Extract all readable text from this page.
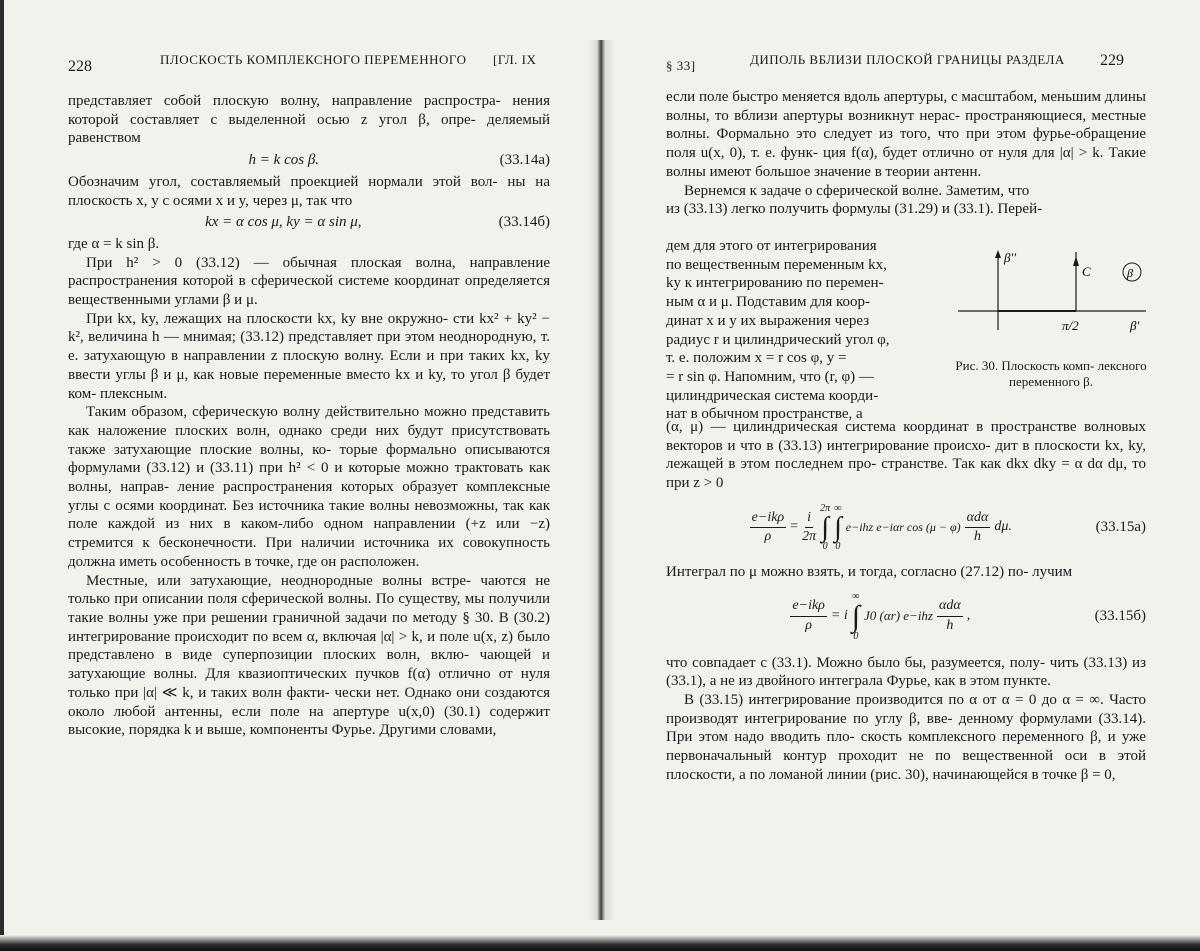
228	ПЛОСКОСТЬ КОМПЛЕКСНОГО ПЕРЕМЕННОГО [ГЛ. IX

представляет собой плоскую волну, направление распростра- нения которой составляет с выделенной осью z угол β, опре- деляемый равенством

h = k cos β.	(33.14а)

Обозначим угол, составляемый проекцией нормали этой вол- ны на плоскость x, y с осями x и y, через μ, так что

kx = α cos μ, ky = α sin μ,	(33.14б)

где α = k sin β.

При h² > 0 (33.12) — обычная плоская волна, направление распространения которой в сферической системе координат определяется вещественными углами β и μ.

При kx, ky, лежащих на плоскости kx, ky вне окружно- сти kx² + ky² − k², величина h — мнимая; (33.12) представляет при этом неоднородную, т. е. затухающую в направлении z плоскую волну. Если и при таких kx, ky ввести углы β и μ, как новые переменные вместо kx и ky, то угол β будет ком- плексным.

Таким образом, сферическую волну действительно можно представить как наложение плоских волн, однако среди них будут присутствовать также затухающие плоские волны, ко- торые формально описываются формулами (33.12) и (33.11) при h² < 0 и которые можно трактовать как волны, направ- ление распространения которых образует комплексные углы с осями координат. Без источника такие волны невозможны, так как поле каждой из них в каком-либо одном направлении (+z или −z) стремится к бесконечности. При наличии источника их совокупность должна иметь особенность в точке, где он расположен.

Местные, или затухающие, неоднородные волны встре- чаются не только при описании поля сферической волны. По существу, мы получили такие волны уже при решении граничной задачи по методу § 30. В (30.2) интегрирование происходит по всем α, включая |α| > k, и поле u(x, z) было представлено в виде суперпозиции плоских волн, вклю- чающей и затухающие волны. Для квазиоптических пучков f(α) отлично от нуля только при |α| ≪ k, и таких волн факти- чески нет. Однако они создаются около любой антенны, если поле на апертуре u(x,0) (30.1) содержит высокие, порядка k и выше, компоненты Фурье. Другими словами,

§ 33]	ДИПОЛЬ ВБЛИЗИ ПЛОСКОЙ ГРАНИЦЫ РАЗДЕЛА 229

если поле быстро меняется вдоль апертуры, с масштабом, меньшим длины волны, то вблизи апертуры возникнут нерас- пространяющиеся, местные волны. Формально это следует из того, что при этом фурье-обращение поля u(x, 0), т. е. функ- ция f(α), будет отлично от нуля для |α| > k. Такие волны имеют большое значение в теории антенн.

Вернемся к задаче о сферической волне. Заметим, что

из (33.13) легко получить формулы (31.29) и (33.1). Перей-

дем для этого от интегрирования

по вещественным переменным kx,

ky к интегрированию по перемен-

ным α и μ. Подставим для коор-

динат x и y их выражения через

радиус r и цилиндрический угол φ,

т. е. положим x = r cos φ, y =

= r sin φ. Напомним, что (r, φ) —

цилиндрическая система коорди-

нат в обычном пространстве, а

β''
C	β
π/2	β'
Рис. 30. Плоскость комп- лексного переменного β.

(α, μ) — цилиндрическая система координат в пространстве волновых векторов и что в (33.13) интегрирование происхо- дит в плоскости kx, ky, лежащей в этом последнем про- странстве. Так как dkx dky = α dα dμ, то при z > 0

e−ikρ
ρ
= $\frac{i}{2\pi}$
2π
∫
0
∞
∫
0
e−ihz e−iαr cos (μ − φ)
αdα
h
dμ.	(33.15а)

Интеграл по μ можно взять, и тогда, согласно (27.12) по- лучим

e−ikρ
ρ
= i
∞
∫
0
J0 (αr) e−ihz
αdα
h
,	(33.15б)

что совпадает с (33.1). Можно было бы, разумеется, полу- чить (33.13) из (33.1), а не из двойного интеграла Фурье, как в этом пункте.

В (33.15) интегрирование производится по α от α = 0 до α = ∞. Часто производят интегрирование по углу β, вве- денному формулами (33.14). При этом надо вводить пло- скость комплексного переменного β, и уже первоначальный контур проходит не по вещественной оси в этой плоскости, а по ломаной линии (рис. 30), начинающейся в точке β = 0,
